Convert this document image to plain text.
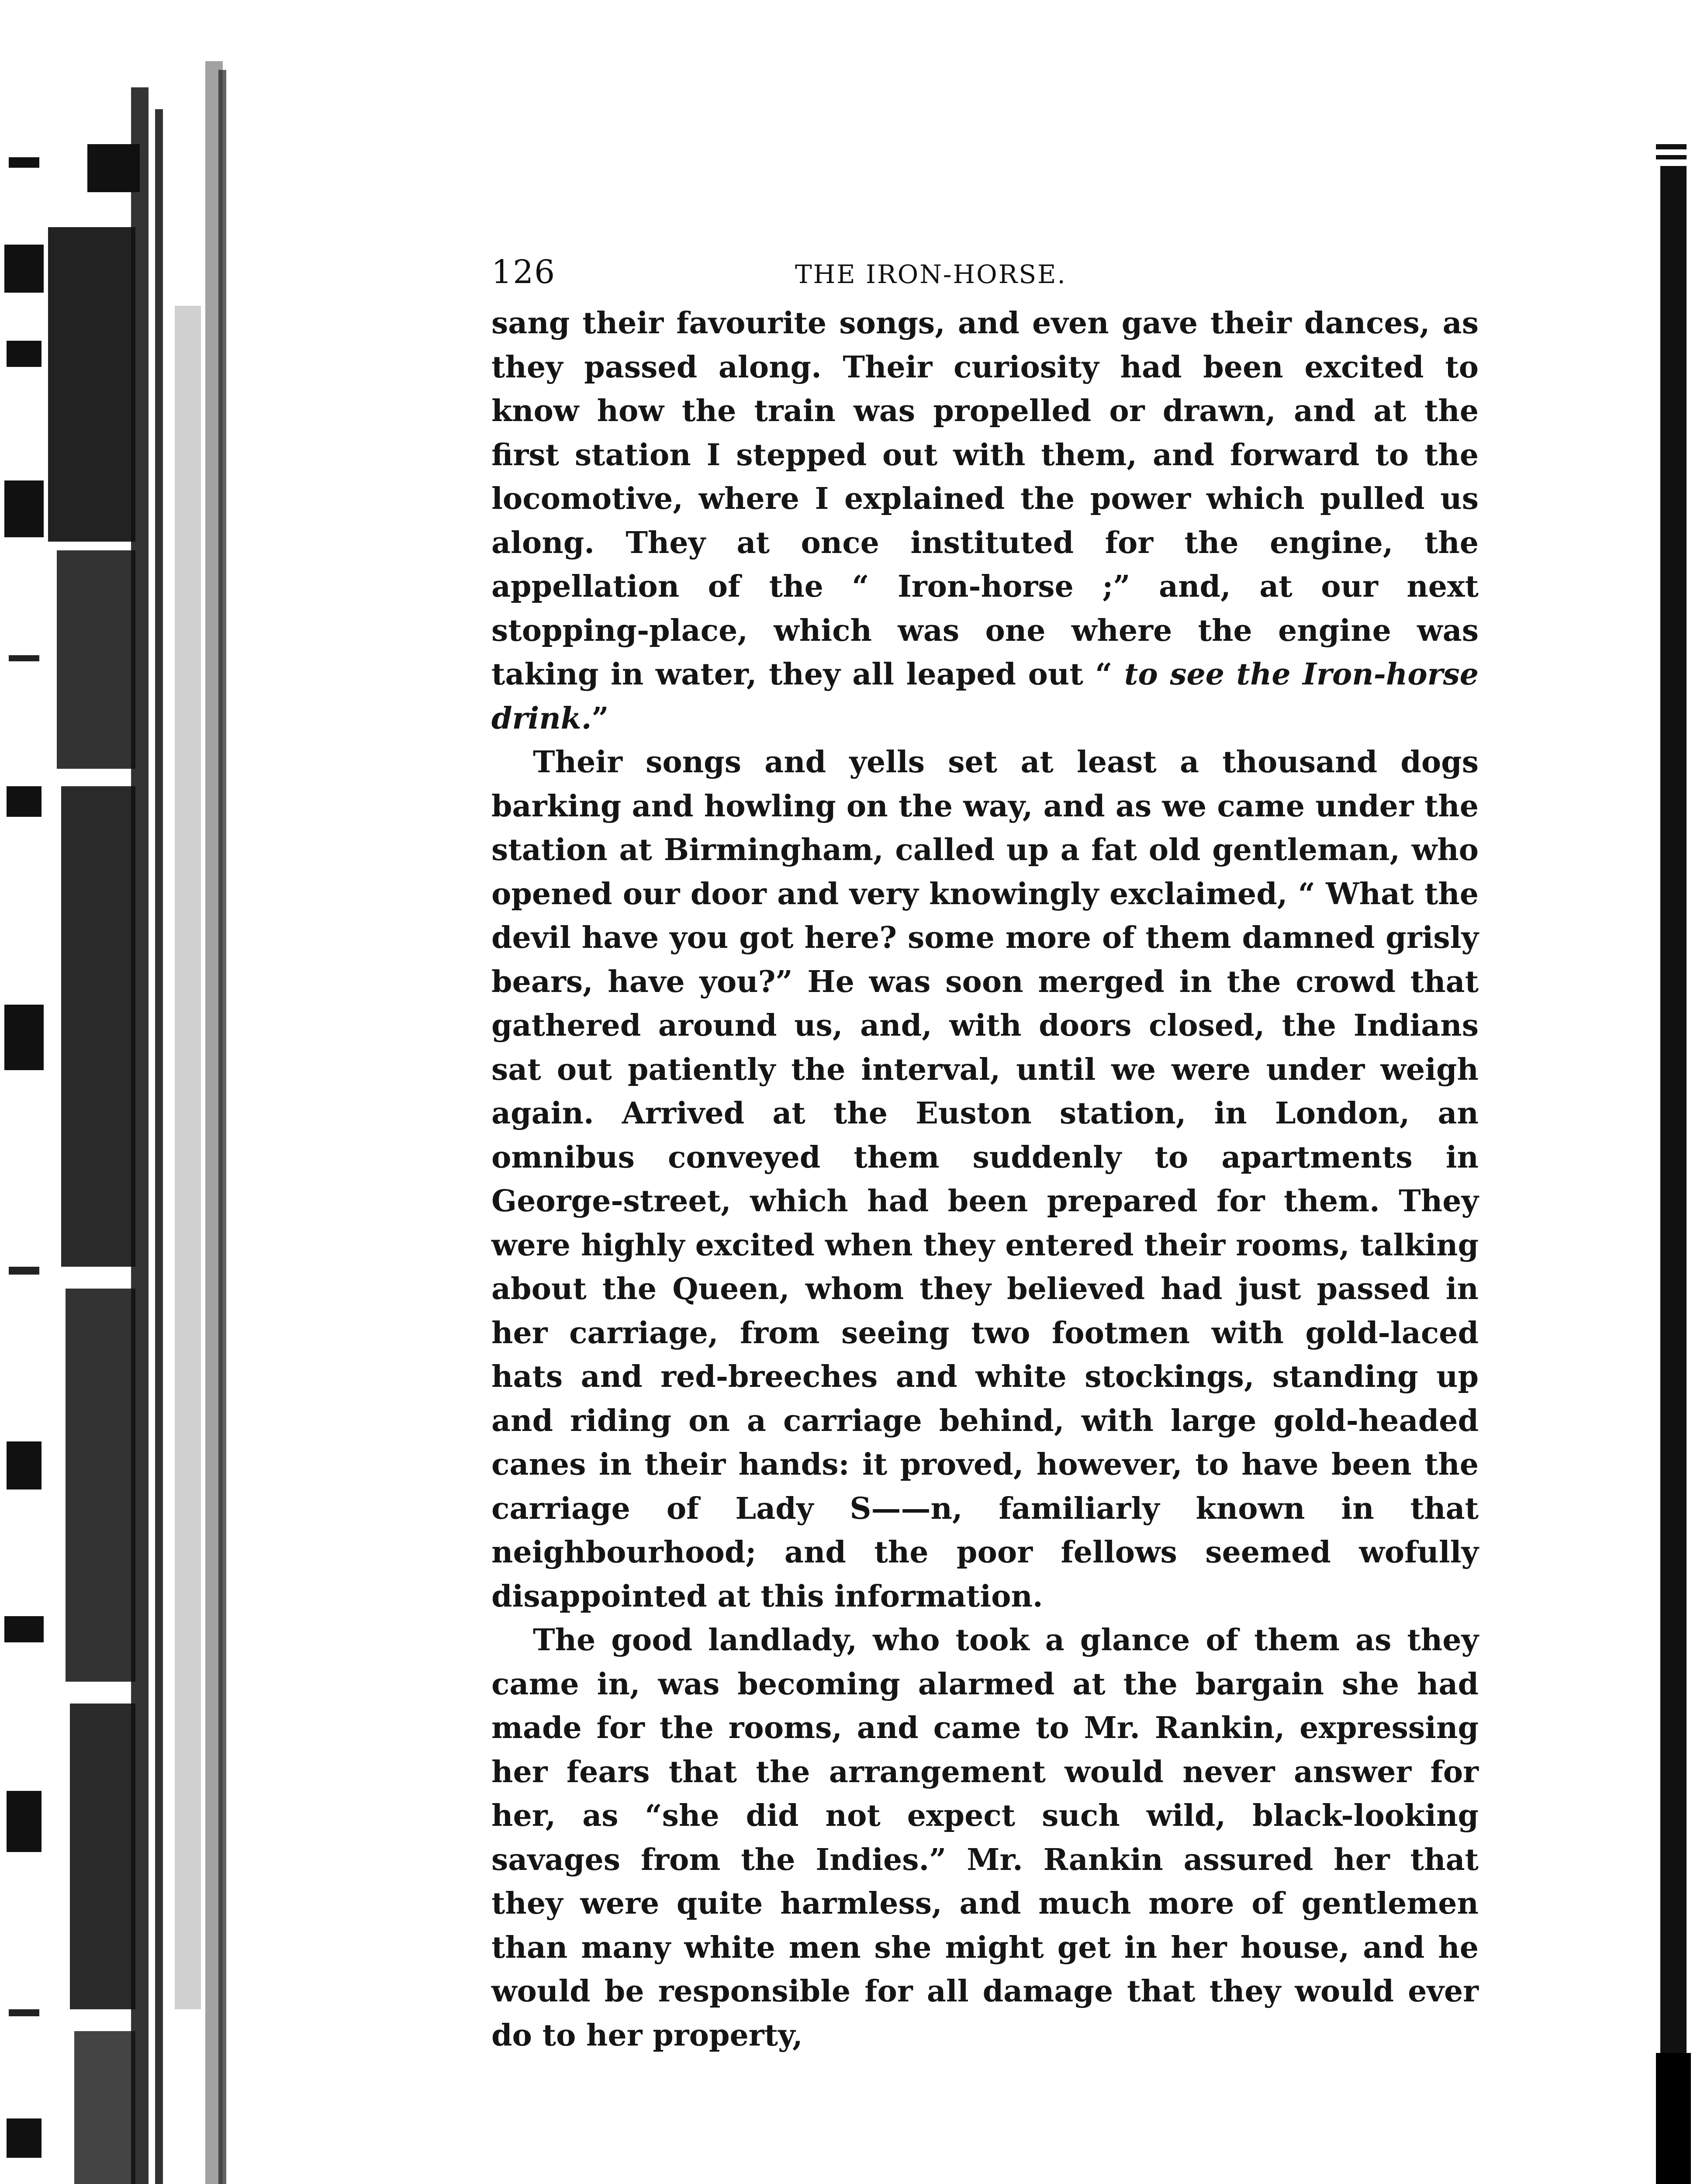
126	THE IRON-HORSE.

sang their favourite songs, and even gave their dances, as they passed along. Their curiosity had been excited to know how the train was propelled or drawn, and at the first station I stepped out with them, and forward to the locomotive, where I explained the power which pulled us along. They at once instituted for the engine, the appellation of the “ Iron-horse ;” and, at our next stopping-place, which was one where the engine was taking in water, they all leaped out “ to see the Iron-horse drink.”

Their songs and yells set at least a thousand dogs barking and howling on the way, and as we came under the station at Birmingham, called up a fat old gentleman, who opened our door and very knowingly exclaimed, “ What the devil have you got here? some more of them damned grisly bears, have you?” He was soon merged in the crowd that gathered around us, and, with doors closed, the Indians sat out patiently the interval, until we were under weigh again. Arrived at the Euston station, in London, an omnibus conveyed them suddenly to apartments in George-street, which had been prepared for them. They were highly excited when they entered their rooms, talking about the Queen, whom they believed had just passed in her carriage, from seeing two footmen with gold-laced hats and red-breeches and white stockings, standing up and riding on a carriage behind, with large gold-headed canes in their hands: it proved, however, to have been the carriage of Lady S——n, familiarly known in that neighbourhood; and the poor fellows seemed wofully disappointed at this information.

The good landlady, who took a glance of them as they came in, was becoming alarmed at the bargain she had made for the rooms, and came to Mr. Rankin, expressing her fears that the arrangement would never answer for her, as “she did not expect such wild, black-looking savages from the Indies.” Mr. Rankin assured her that they were quite harmless, and much more of gentlemen than many white men she might get in her house, and he would be responsible for all damage that they would ever do to her property,
